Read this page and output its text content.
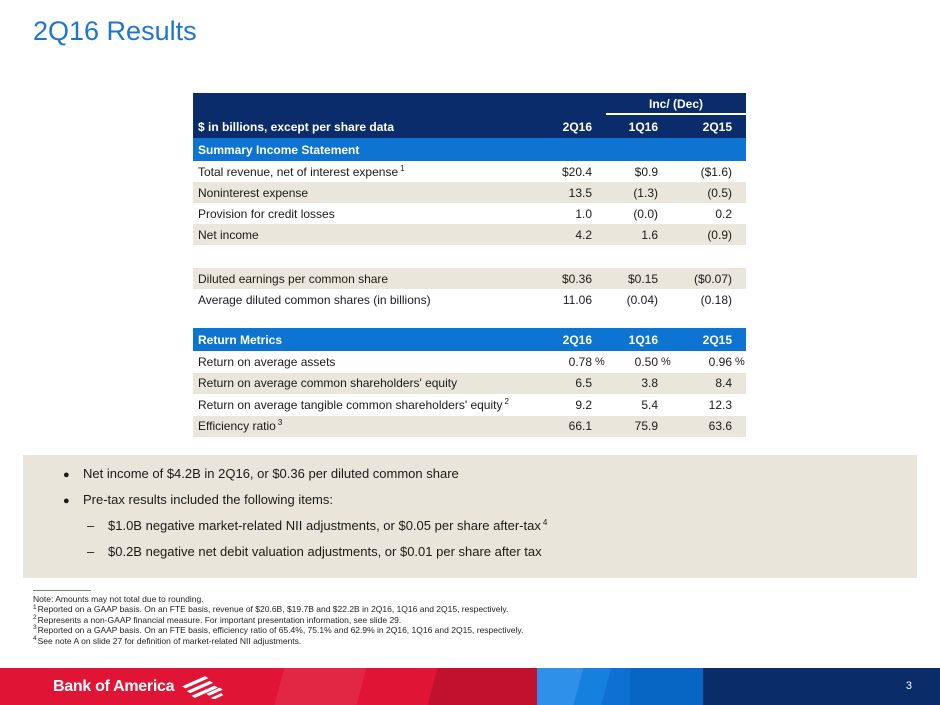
2Q16 Results
Inc/ (Dec)
$ in billions, except per share data	2Q16	1Q16	2Q15
Summary Income Statement
Total revenue, net of interest expense $^1$	$20.4	$0.9	($1.6)
Noninterest expense	13.5	(1.3)	(0.5)
Provision for credit losses	1.0	(0.0)	0.2
Net income	4.2	1.6	(0.9)
Diluted earnings per common share	$0.36	$0.15	($0.07)
Average diluted common shares (in billions)	11.06	(0.04)	(0.18)
Return Metrics	2Q16	1Q16	2Q15
Return on average assets	0.78 %	0.50 %	0.96 %
Return on average common shareholders' equity	6.5	3.8	8.4
Return on average tangible common shareholders' equity $^2$	9.2	5.4	12.3
Efficiency ratio $^3$	66.1	75.9	63.6
●	Net income of $4.2B in 2Q16, or $0.36 per diluted common share
●	Pre-tax results included the following items:
–	$1.0B negative market-related NII adjustments, or $0.05 per share after-tax $^4$
–	$0.2B negative net debit valuation adjustments, or $0.01 per share after tax
Note: Amounts may not total due to rounding.
$^1$Reported on a GAAP basis. On an FTE basis, revenue of $20.6B, $19.7B and $22.2B in 2Q16, 1Q16 and 2Q15, respectively.
$^2$Represents a non-GAAP financial measure. For important presentation information, see slide 29.
$^3$Reported on a GAAP basis. On an FTE basis, efficiency ratio of 65.4%, 75.1% and 62.9% in 2Q16, 1Q16 and 2Q15, respectively.
$^4$See note A on slide 27 for definition of market-related NII adjustments.
Bank of America	3
